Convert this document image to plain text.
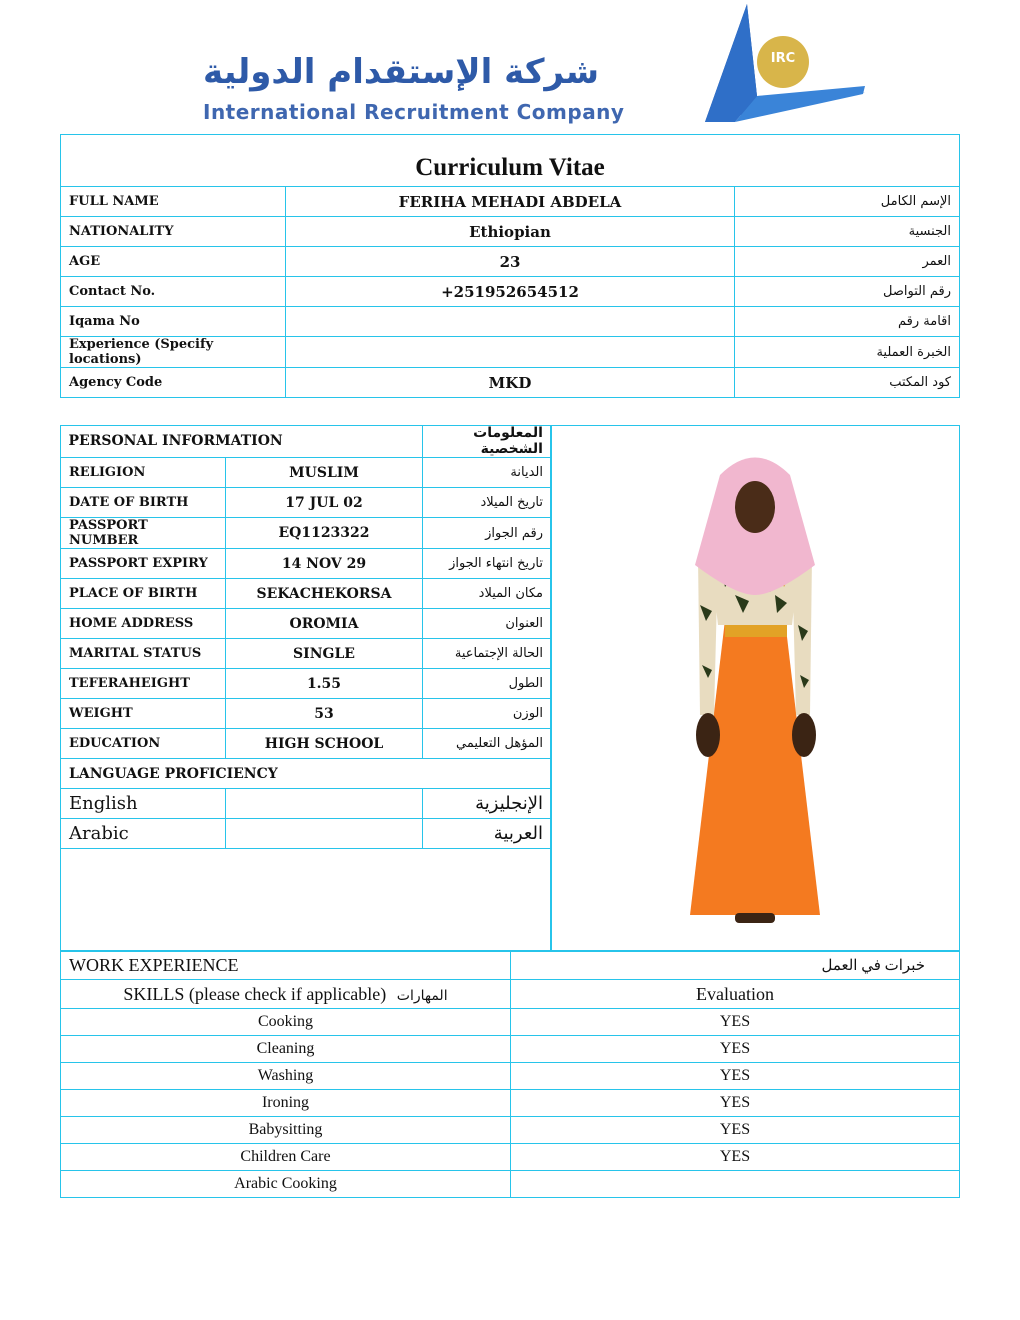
شركة الإستقدام الدولية
International Recruitment Company
IRC
Curriculum Vitae		
FULL NAME	FERIHA MEHADI ABDELA	الإسم الكامل
NATIONALITY	Ethiopian	الجنسية
AGE	23	العمر
Contact No.	+251952654512	رقم التواصل
Iqama No		اقامة رقم
Experience (Specify locations)		الخبرة العملية
Agency Code	MKD	كود المكتب
PERSONAL INFORMATION		المعلومات الشخصية
RELIGION	MUSLIM	الديانة
DATE OF BIRTH	17 JUL 02	تاريخ الميلاد
PASSPORT NUMBER	EQ1123322	رقم الجواز
PASSPORT EXPIRY	14 NOV 29	تاريخ انتهاء الجواز
PLACE OF BIRTH	SEKACHEKORSA	مكان الميلاد
HOME ADDRESS	OROMIA	العنوان
MARITAL STATUS	SINGLE	الحالة الإجتماعية
TEFERAHEIGHT	1.55	الطول
WEIGHT	53	الوزن
EDUCATION	HIGH SCHOOL	المؤهل التعليمي
LANGUAGE PROFICIENCY		
English		الإنجليزية
Arabic		العربية
WORK EXPERIENCE	خبرات في العمل
SKILLS (please check if applicable) المهارات	Evaluation
Cooking	YES
Cleaning	YES
Washing	YES
Ironing	YES
Babysitting	YES
Children Care	YES
Arabic Cooking	
